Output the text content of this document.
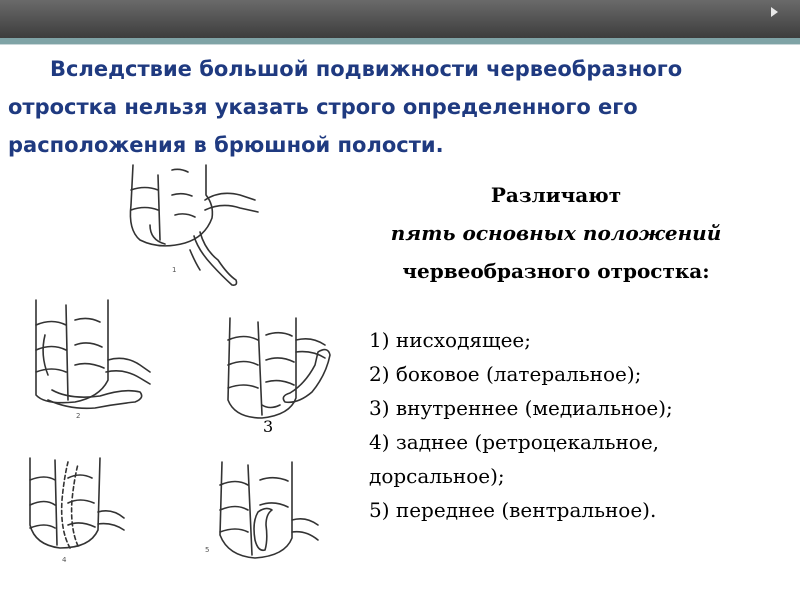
Вследствие большой подвижности червеобразного отростка нельзя указать строго определенного его расположения в брюшной полости.

1
2
3
4
5
Различают
пять основных положений
червеобразного отростка:
1) нисходящее;
2) боковое (латеральное);
3) внутреннее (медиальное);
4) заднее (ретроцекальное, дорсальное);
5) переднее (вентральное).
